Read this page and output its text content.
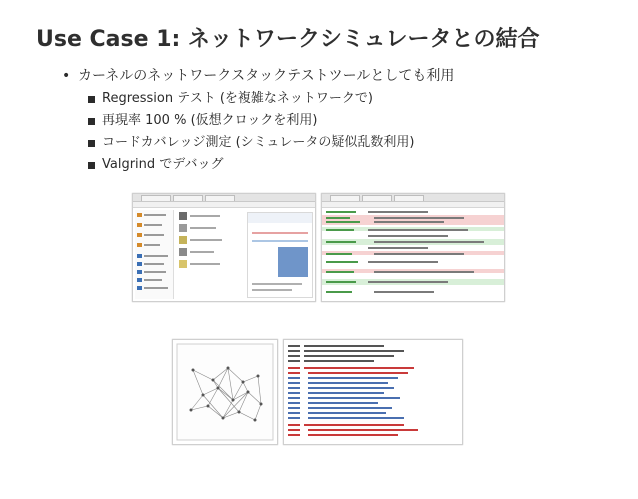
Use Case 1: ネットワークシミュレータとの結合
• カーネルのネットワークスタックテストツールとしても利用
Regression テスト (を複雑なネットワークで)
再現率 100 % (仮想クロックを利用)
コードカバレッジ測定 (シミュレータの疑似乱数利用)
Valgrind でデバッグ
